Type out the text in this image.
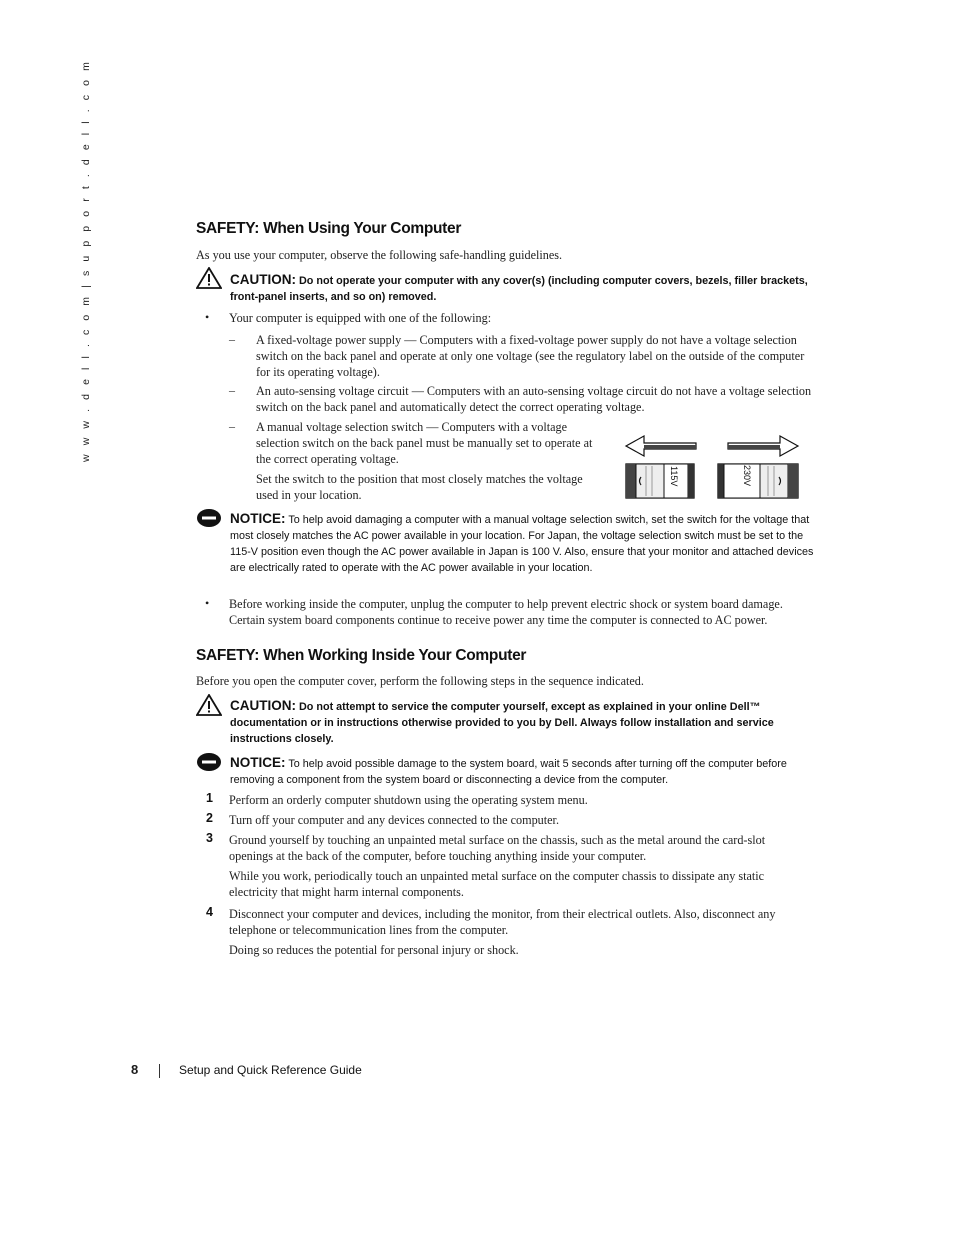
w w w . d e l l . c o m | s u p p o r t . d e l l . c o m	SAFETY: When Using Your Computer
As you use your computer, observe the following safe-handling guidelines.
CAUTION: Do not operate your computer with any cover(s) (including computer covers, bezels, filler brackets, front-panel inserts, and so on) removed.
• Your computer is equipped with one of the following:
– A fixed-voltage power supply — Computers with a fixed-voltage power supply do not have a voltage selection switch on the back panel and operate at only one voltage (see the regulatory label on the outside of the computer for its operating voltage).
– An auto-sensing voltage circuit — Computers with an auto-sensing voltage circuit do not have a voltage selection switch on the back panel and automatically detect the correct operating voltage.
– A manual voltage selection switch — Computers with a voltage selection switch on the back panel must be manually set to operate at the correct operating voltage.
Set the switch to the position that most closely matches the voltage used in your location.
115V	230V
NOTICE: To help avoid damaging a computer with a manual voltage selection switch, set the switch for the voltage that most closely matches the AC power available in your location. For Japan, the voltage selection switch must be set to the 115-V position even though the AC power available in Japan is 100 V. Also, ensure that your monitor and attached devices are electrically rated to operate with the AC power available in your location.
• Before working inside the computer, unplug the computer to help prevent electric shock or system board damage. Certain system board components continue to receive power any time the computer is connected to AC power.
SAFETY: When Working Inside Your Computer
Before you open the computer cover, perform the following steps in the sequence indicated.
CAUTION: Do not attempt to service the computer yourself, except as explained in your online Dell™ documentation or in instructions otherwise provided to you by Dell. Always follow installation and service instructions closely.
NOTICE: To help avoid possible damage to the system board, wait 5 seconds after turning off the computer before removing a component from the system board or disconnecting a device from the computer.
1 Perform an orderly computer shutdown using the operating system menu.
2 Turn off your computer and any devices connected to the computer.
3 Ground yourself by touching an unpainted metal surface on the chassis, such as the metal around the card-slot openings at the back of the computer, before touching anything inside your computer.
While you work, periodically touch an unpainted metal surface on the computer chassis to dissipate any static electricity that might harm internal components.
4 Disconnect your computer and devices, including the monitor, from their electrical outlets. Also, disconnect any telephone or telecommunication lines from the computer.
Doing so reduces the potential for personal injury or shock.
8	Setup and Quick Reference Guide
